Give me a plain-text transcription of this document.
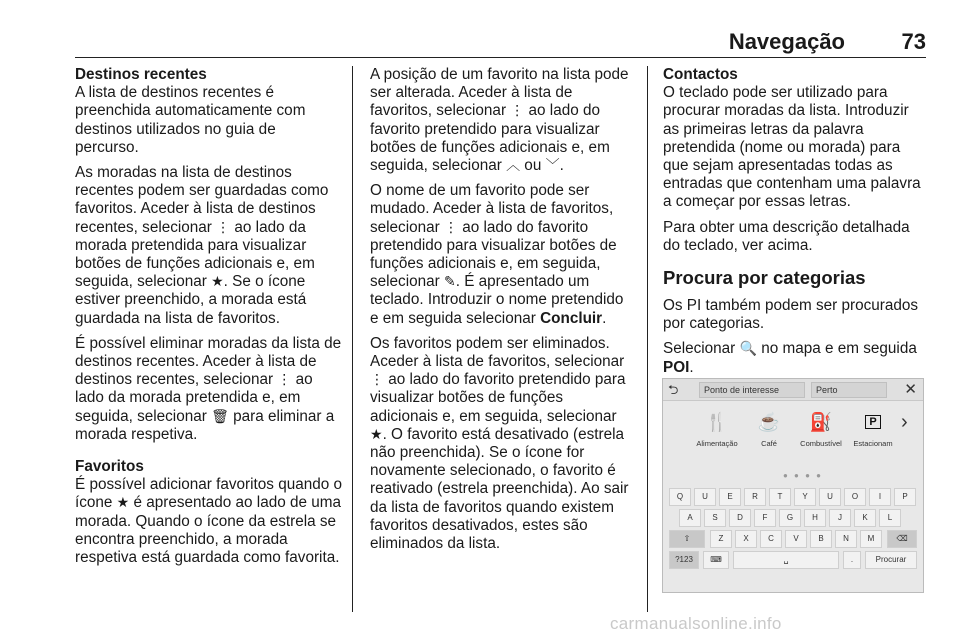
Navegação	73
Destinos recentes
A lista de destinos recentes é preenchida automaticamente com destinos utilizados no guia de percurso.
As moradas na lista de destinos recentes podem ser guardadas como favoritos. Aceder à lista de destinos recentes, selecionar ⋮ ao lado da morada pretendida para visualizar botões de funções adicionais e, em seguida, selecionar ★. Se o ícone estiver preenchido, a morada está guardada na lista de favoritos.
É possível eliminar moradas da lista de destinos recentes. Aceder à lista de destinos recentes, selecionar ⋮ ao lado da morada pretendida e, em seguida, selecionar 🗑 para eliminar a morada respetiva.
Favoritos
É possível adicionar favoritos quando o ícone ★ é apresentado ao lado de uma morada. Quando o ícone da estrela se encontra preenchido, a morada respetiva está guardada como favorita.
A posição de um favorito na lista pode ser alterada. Aceder à lista de favoritos, selecionar ⋮ ao lado do favorito pretendido para visualizar botões de funções adicionais e, em seguida, selecionar ︿ ou ﹀.
O nome de um favorito pode ser mudado. Aceder à lista de favoritos, selecionar ⋮ ao lado do favorito pretendido para visualizar botões de funções adicionais e, em seguida, selecionar ✎. É apresentado um teclado. Introduzir o nome pretendido e em seguida selecionar Concluir.
Os favoritos podem ser eliminados. Aceder à lista de favoritos, selecionar ⋮ ao lado do favorito pretendido para visualizar botões de funções adicionais e, em seguida, selecionar ★. O favorito está desativado (estrela não preenchida). Se o ícone for novamente selecionado, o favorito é reativado (estrela preenchida). Ao sair da lista de favoritos quando existem favoritos desativados, estes são eliminados da lista.
Contactos
O teclado pode ser utilizado para procurar moradas da lista. Introduzir as primeiras letras da palavra pretendida (nome ou morada) para que sejam apresentadas todas as entradas que contenham uma palavra a começar por essas letras.
Para obter uma descrição detalhada do teclado, ver acima.
Procura por categorias
Os PI também podem ser procurados por categorias.
Selecionar 🔍 no mapa e em seguida POI.
⮌	Ponto de interesse	Perto	✕
🍴
Alimentação
☕
Café
⛽
Combustível
P
Estacionam
›
● ● ● ●
Q	U	E	R	T	Y	U	O	I	P
A	S	D	F	G	H	J	K	L
⇧	Z	X	C	V	B	N	M	⌫
?123	⌨	␣	.	Procurar
carmanualsonline.info
